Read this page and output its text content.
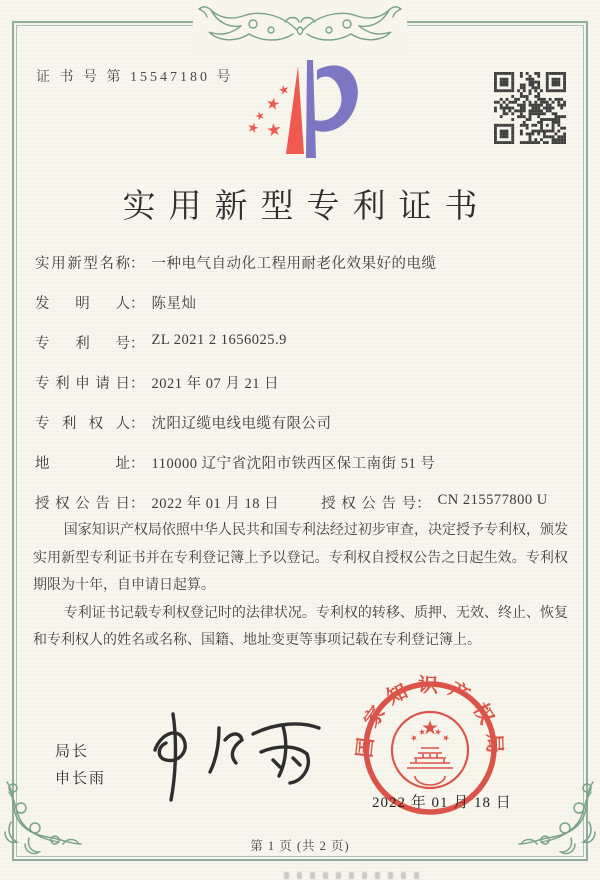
证 书 号 第 15547180 号
实用新型专利证书
实用新型名称： 一种电气自动化工程用耐老化效果好的电缆
发明人： 陈星灿
专利号： ZL 2021 2 1656025.9
专利申请日： 2021 年 07 月 21 日
专利权人： 沈阳辽缆电线电缆有限公司
地址： 110000 辽宁省沈阳市铁西区保工南街 51 号
授权公告日： 2022 年 01 月 18 日	授权公告号： CN 215577800 U

国家知识产权局依照中华人民共和国专利法经过初步审查，决定授予专利权，颁发实用新型专利证书并在专利登记簿上予以登记。专利权自授权公告之日起生效。专利权期限为十年，自申请日起算。

专利证书记载专利权登记时的法律状况。专利权的转移、质押、无效、终止、恢复和专利权人的姓名或名称、国籍、地址变更等事项记载在专利登记簿上。

局长
申长雨
国家知识产权局
2022 年 01 月 18 日
第 1 页 (共 2 页)
